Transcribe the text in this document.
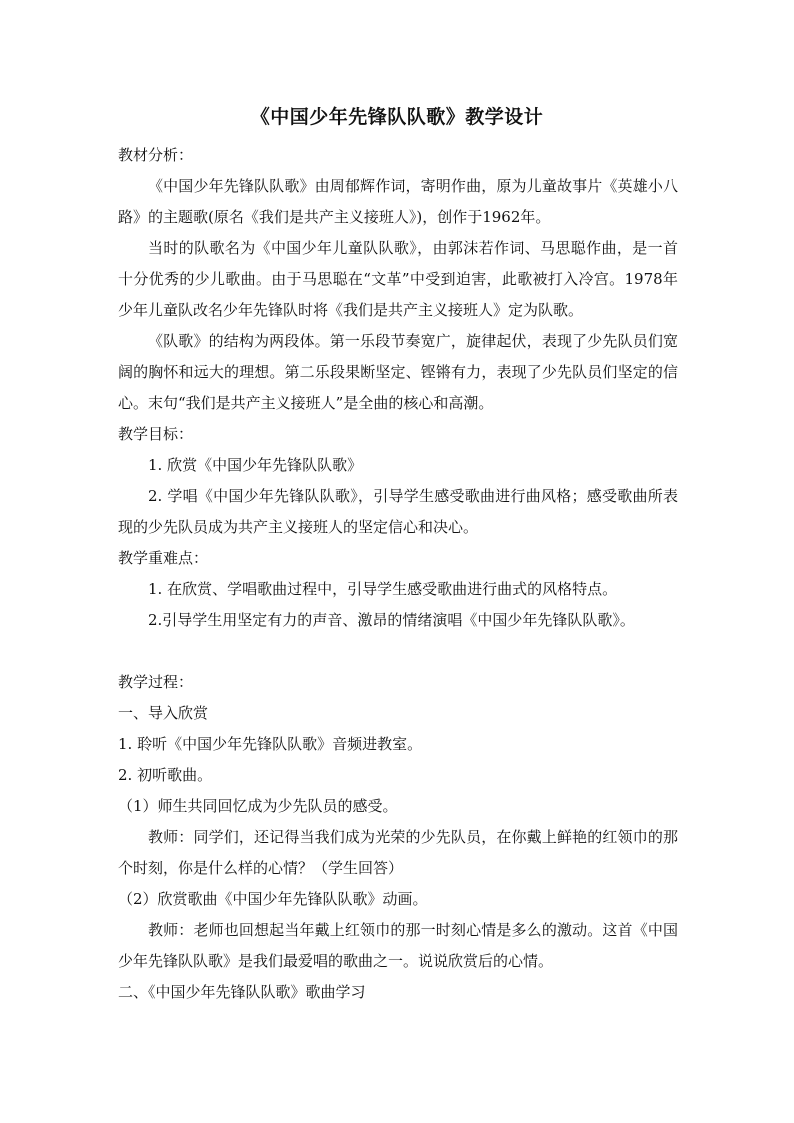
《中国少年先锋队队歌》教学设计

教材分析：

《中国少年先锋队队歌》由周郁辉作词，寄明作曲，原为儿童故事片《英雄小八路》的主题歌(原名《我们是共产主义接班人》)，创作于1962年。

当时的队歌名为《中国少年儿童队队歌》，由郭沫若作词、马思聪作曲，是一首十分优秀的少儿歌曲。由于马思聪在“文革”中受到迫害，此歌被打入冷宫。1978年少年儿童队改名少年先锋队时将《我们是共产主义接班人》定为队歌。

《队歌》的结构为两段体。第一乐段节奏宽广，旋律起伏，表现了少先队员们宽阔的胸怀和远大的理想。第二乐段果断坚定、铿锵有力，表现了少先队员们坚定的信心。末句“我们是共产主义接班人”是全曲的核心和高潮。

教学目标：

1. 欣赏《中国少年先锋队队歌》

2. 学唱《中国少年先锋队队歌》，引导学生感受歌曲进行曲风格；感受歌曲所表现的少先队员成为共产主义接班人的坚定信心和决心。

教学重难点：

1. 在欣赏、学唱歌曲过程中，引导学生感受歌曲进行曲式的风格特点。

2.引导学生用坚定有力的声音、激昂的情绪演唱《中国少年先锋队队歌》。

教学过程：

一、导入欣赏

1. 聆听《中国少年先锋队队歌》音频进教室。

2. 初听歌曲。

（1）师生共同回忆成为少先队员的感受。

教师：同学们，还记得当我们成为光荣的少先队员，在你戴上鲜艳的红领巾的那个时刻，你是什么样的心情？（学生回答）

（2）欣赏歌曲《中国少年先锋队队歌》动画。

教师：老师也回想起当年戴上红领巾的那一时刻心情是多么的激动。这首《中国少年先锋队队歌》是我们最爱唱的歌曲之一。说说欣赏后的心情。

二、《中国少年先锋队队歌》歌曲学习
